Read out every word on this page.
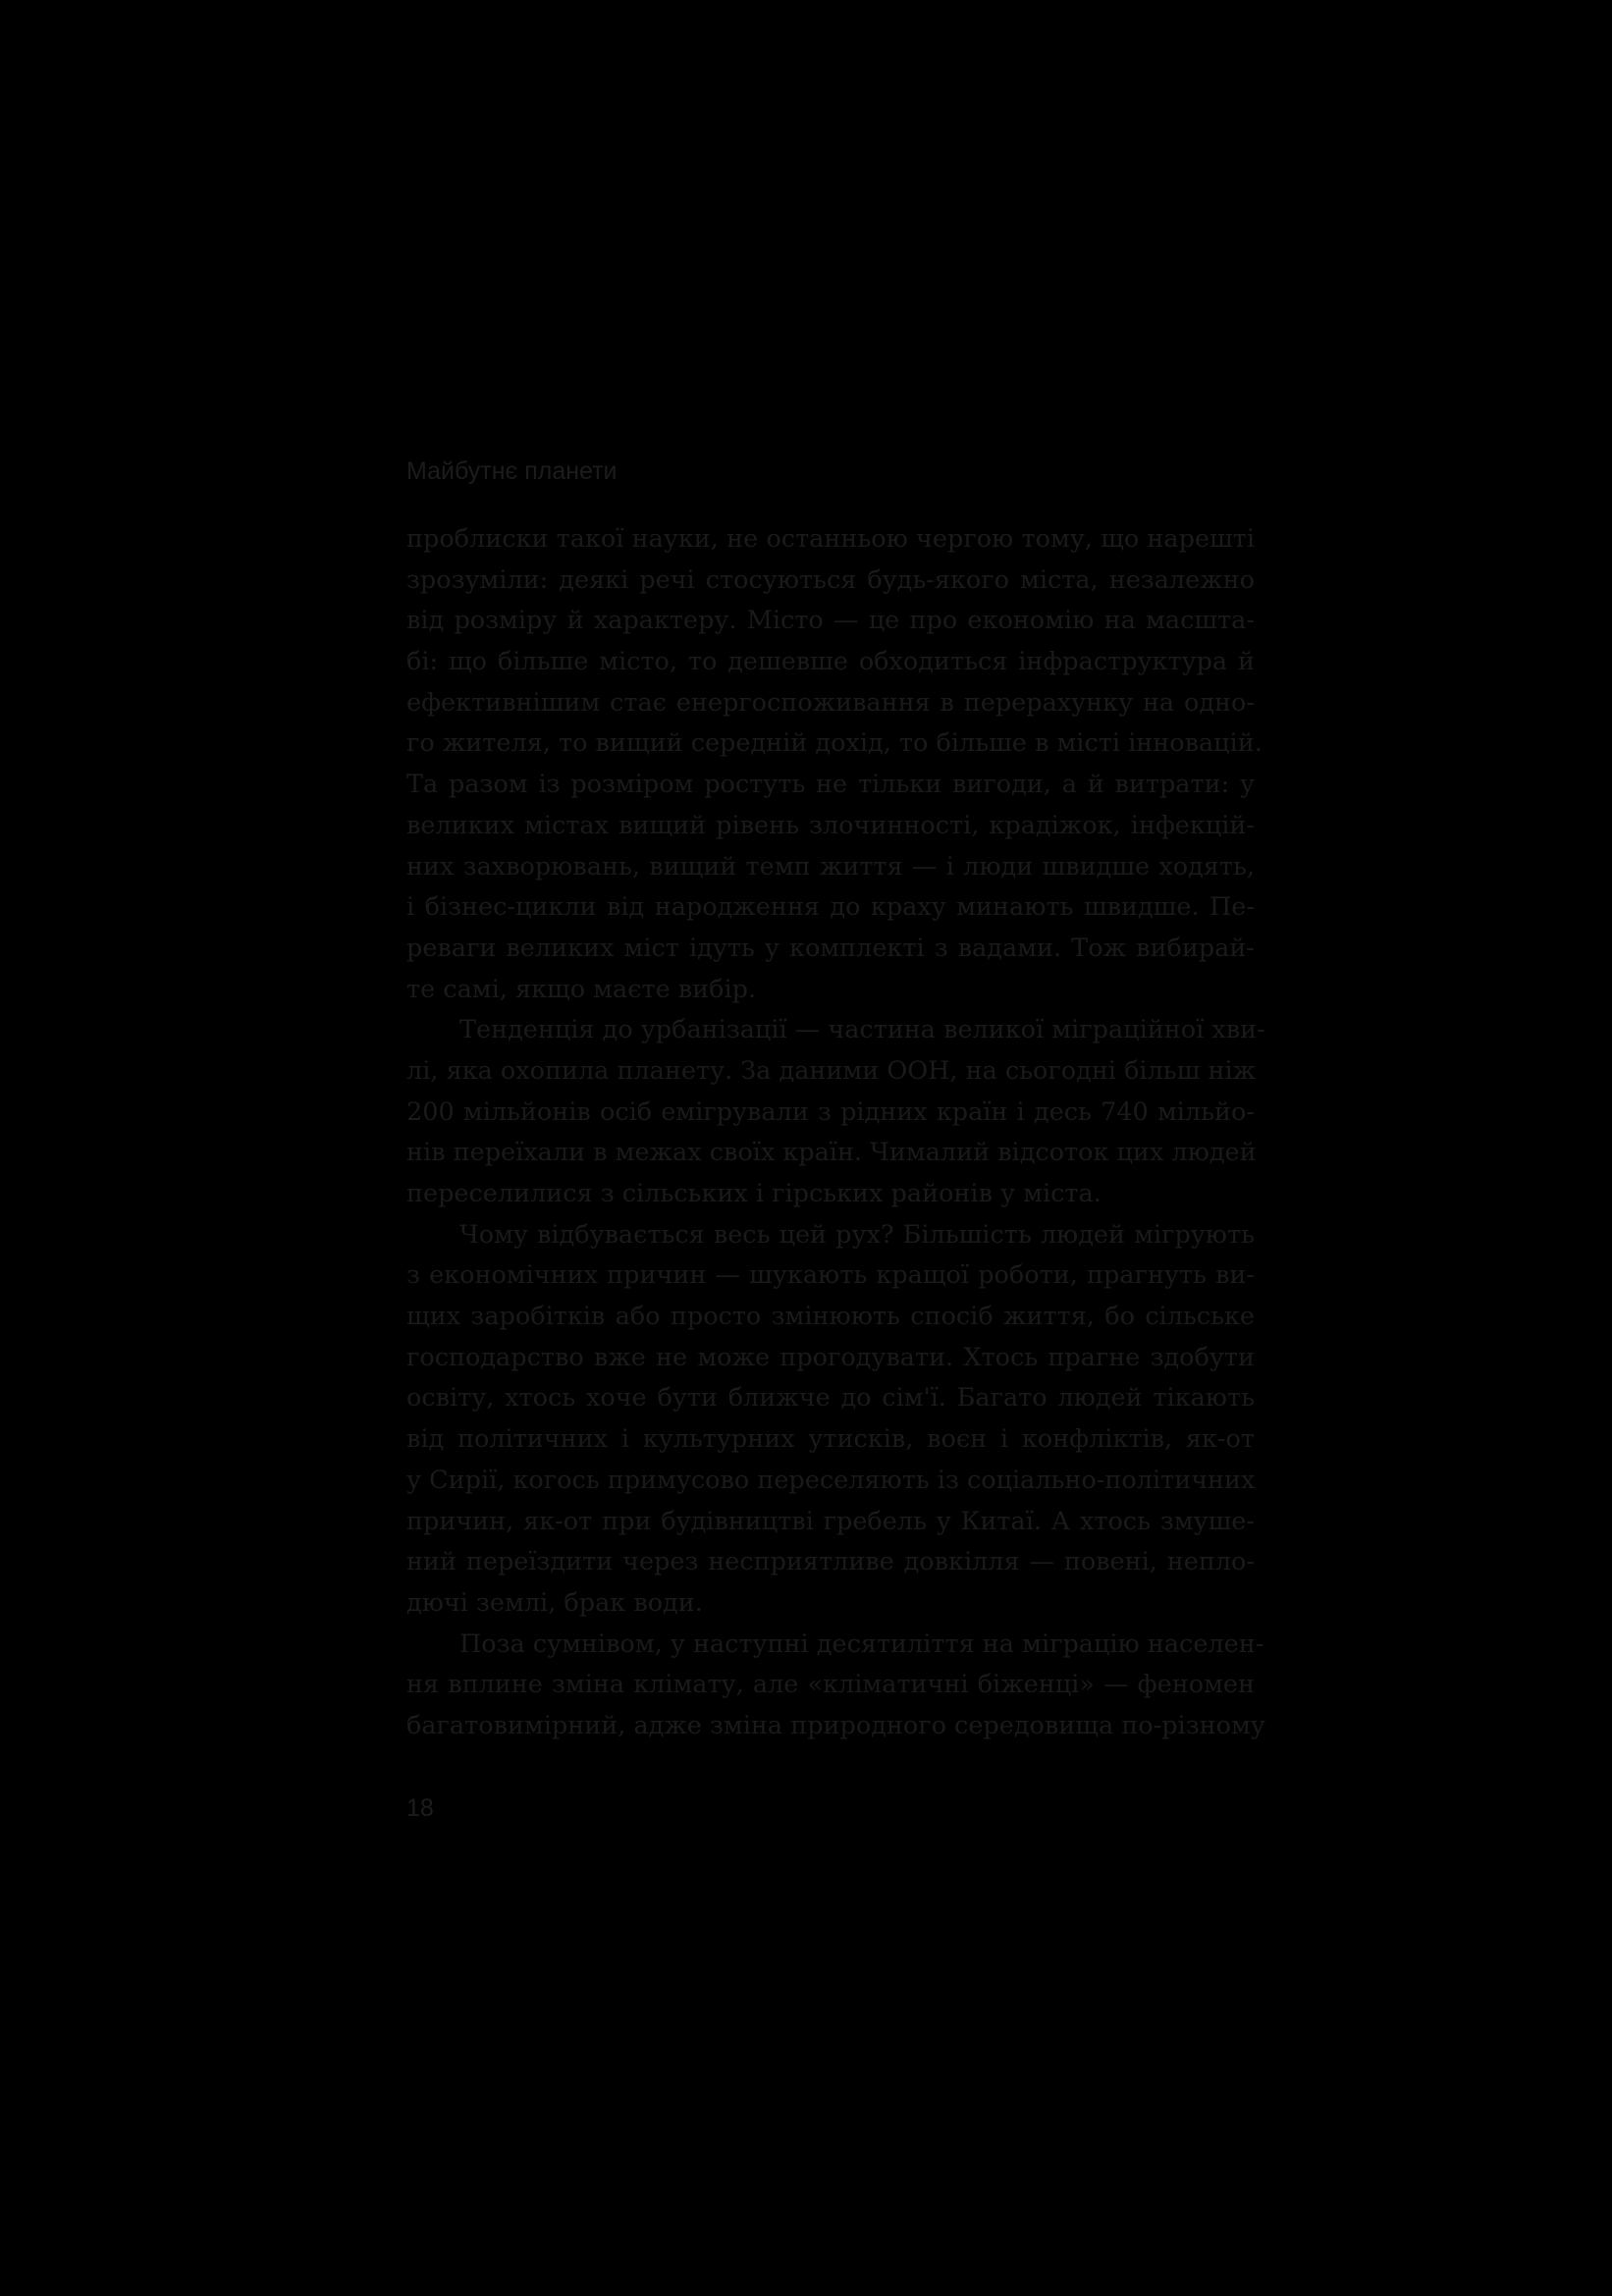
Майбутнє планети
проблиски такої науки, не останньою чергою тому, що нарешті
зрозуміли: деякі речі стосуються будь-якого міста, незалежно
від розміру й характеру. Місто — це про економію на масшта-
бі: що більше місто, то дешевше обходиться інфраструктура й
ефективнішим стає енергоспоживання в перерахунку на одно-
го жителя, то вищий середній дохід, то більше в місті інновацій.
Та разом із розміром ростуть не тільки вигоди, а й витрати: у
великих містах вищий рівень злочинності, крадіжок, інфекцій-
них захворювань, вищий темп життя — і люди швидше ходять,
і бізнес-цикли від народження до краху минають швидше. Пе-
реваги великих міст ідуть у комплекті з вадами. Тож вибирай-
те самі, якщо маєте вибір.
Тенденція до урбанізації — частина великої міграційної хви-
лі, яка охопила планету. За даними ООН, на сьогодні більш ніж
200 мільйонів осіб емігрували з рідних країн і десь 740 мільйо-
нів переїхали в межах своїх країн. Чималий відсоток цих людей
переселилися з сільських і гірських районів у міста.
Чому відбувається весь цей рух? Більшість людей мігрують
з економічних причин — шукають кращої роботи, прагнуть ви-
щих заробітків або просто змінюють спосіб життя, бо сільське
господарство вже не може прогодувати. Хтось прагне здобути
освіту, хтось хоче бути ближче до сім'ї. Багато людей тікають
від політичних і культурних утисків, воєн і конфліктів, як-от
у Сирії, когось примусово переселяють із соціально-політичних
причин, як-от при будівництві гребель у Китаї. А хтось змуше-
ний переїздити через несприятливе довкілля — повені, непло-
дючі землі, брак води.
Поза сумнівом, у наступні десятиліття на міграцію населен-
ня вплине зміна клімату, але «кліматичні біженці» — феномен
багатовимірний, адже зміна природного середовища по-різному
18
